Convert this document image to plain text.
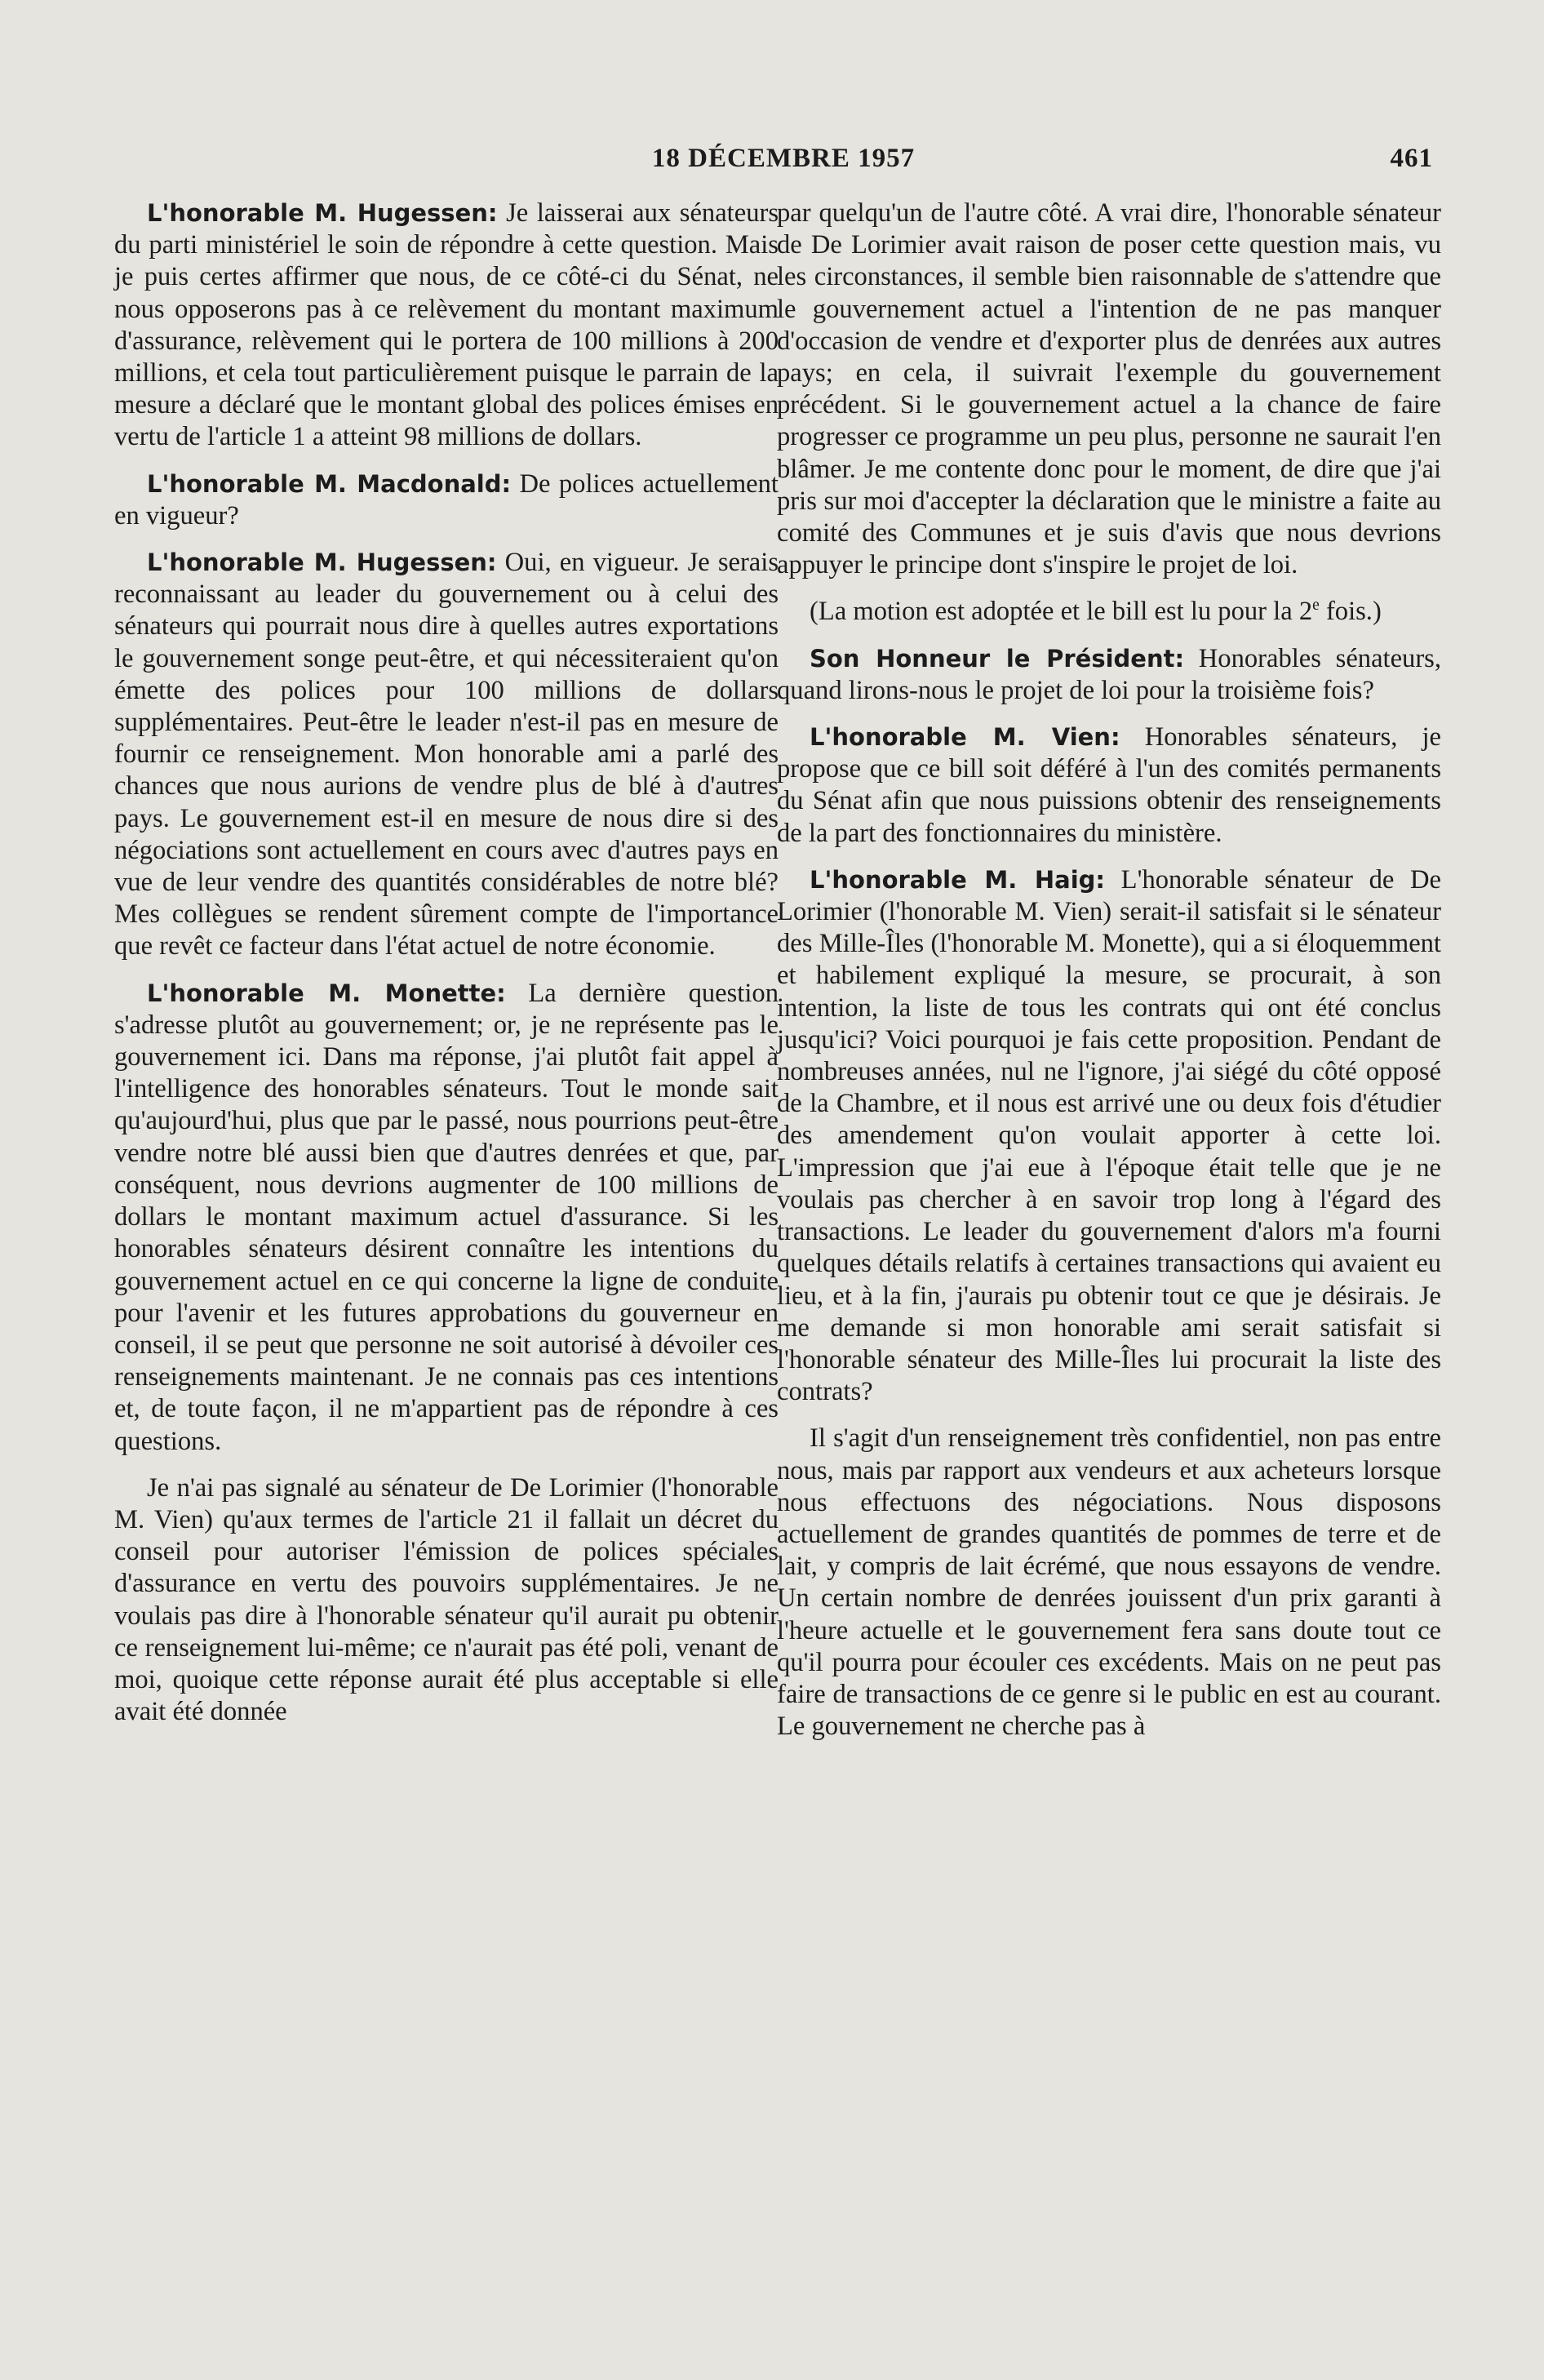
18 DÉCEMBRE 1957	461

L'honorable M. Hugessen: Je laisserai aux sénateurs du parti ministériel le soin de répondre à cette question. Mais je puis certes affirmer que nous, de ce côté-ci du Sénat, ne nous opposerons pas à ce relèvement du montant maximum d'assurance, relèvement qui le portera de 100 millions à 200 millions, et cela tout particulièrement puisque le parrain de la mesure a déclaré que le montant global des polices émises en vertu de l'article 1 a atteint 98 millions de dollars.

L'honorable M. Macdonald: De polices actuellement en vigueur?

L'honorable M. Hugessen: Oui, en vigueur. Je serais reconnaissant au leader du gouvernement ou à celui des sénateurs qui pourrait nous dire à quelles autres exportations le gouvernement songe peut-être, et qui nécessiteraient qu'on émette des polices pour 100 millions de dollars supplémentaires. Peut-être le leader n'est-il pas en mesure de fournir ce renseignement. Mon honorable ami a parlé des chances que nous aurions de vendre plus de blé à d'autres pays. Le gouvernement est-il en mesure de nous dire si des négociations sont actuellement en cours avec d'autres pays en vue de leur vendre des quantités considérables de notre blé? Mes collègues se rendent sûrement compte de l'importance que revêt ce facteur dans l'état actuel de notre économie.

L'honorable M. Monette: La dernière question s'adresse plutôt au gouvernement; or, je ne représente pas le gouvernement ici. Dans ma réponse, j'ai plutôt fait appel à l'intelligence des honorables sénateurs. Tout le monde sait qu'aujourd'hui, plus que par le passé, nous pourrions peut-être vendre notre blé aussi bien que d'autres denrées et que, par conséquent, nous devrions augmenter de 100 millions de dollars le montant maximum actuel d'assurance. Si les honorables sénateurs désirent connaître les intentions du gouvernement actuel en ce qui concerne la ligne de conduite pour l'avenir et les futures approbations du gouverneur en conseil, il se peut que personne ne soit autorisé à dévoiler ces renseignements maintenant. Je ne connais pas ces intentions et, de toute façon, il ne m'appartient pas de répondre à ces questions.

Je n'ai pas signalé au sénateur de De Lorimier (l'honorable M. Vien) qu'aux termes de l'article 21 il fallait un décret du conseil pour autoriser l'émission de polices spéciales d'assurance en vertu des pouvoirs supplémentaires. Je ne voulais pas dire à l'honorable sénateur qu'il aurait pu obtenir ce renseignement lui-même; ce n'aurait pas été poli, venant de moi, quoique cette réponse aurait été plus acceptable si elle avait été donnée

par quelqu'un de l'autre côté. A vrai dire, l'honorable sénateur de De Lorimier avait raison de poser cette question mais, vu les circonstances, il semble bien raisonnable de s'attendre que le gouvernement actuel a l'intention de ne pas manquer d'occasion de vendre et d'exporter plus de denrées aux autres pays; en cela, il suivrait l'exemple du gouvernement précédent. Si le gouvernement actuel a la chance de faire progresser ce programme un peu plus, personne ne saurait l'en blâmer. Je me contente donc pour le moment, de dire que j'ai pris sur moi d'accepter la déclaration que le ministre a faite au comité des Communes et je suis d'avis que nous devrions appuyer le principe dont s'inspire le projet de loi.

(La motion est adoptée et le bill est lu pour la 2e fois.)

Son Honneur le Président: Honorables sénateurs, quand lirons-nous le projet de loi pour la troisième fois?

L'honorable M. Vien: Honorables sénateurs, je propose que ce bill soit déféré à l'un des comités permanents du Sénat afin que nous puissions obtenir des renseignements de la part des fonctionnaires du ministère.

L'honorable M. Haig: L'honorable sénateur de De Lorimier (l'honorable M. Vien) serait-il satisfait si le sénateur des Mille-Îles (l'honorable M. Monette), qui a si éloquemment et habilement expliqué la mesure, se procurait, à son intention, la liste de tous les contrats qui ont été conclus jusqu'ici? Voici pourquoi je fais cette proposition. Pendant de nombreuses années, nul ne l'ignore, j'ai siégé du côté opposé de la Chambre, et il nous est arrivé une ou deux fois d'étudier des amendement qu'on voulait apporter à cette loi. L'impression que j'ai eue à l'époque était telle que je ne voulais pas chercher à en savoir trop long à l'égard des transactions. Le leader du gouvernement d'alors m'a fourni quelques détails relatifs à certaines transactions qui avaient eu lieu, et à la fin, j'aurais pu obtenir tout ce que je désirais. Je me demande si mon honorable ami serait satisfait si l'honorable sénateur des Mille-Îles lui procurait la liste des contrats?

Il s'agit d'un renseignement très confidentiel, non pas entre nous, mais par rapport aux vendeurs et aux acheteurs lorsque nous effectuons des négociations. Nous disposons actuellement de grandes quantités de pommes de terre et de lait, y compris de lait écrémé, que nous essayons de vendre. Un certain nombre de denrées jouissent d'un prix garanti à l'heure actuelle et le gouvernement fera sans doute tout ce qu'il pourra pour écouler ces excédents. Mais on ne peut pas faire de transactions de ce genre si le public en est au courant. Le gouvernement ne cherche pas à
